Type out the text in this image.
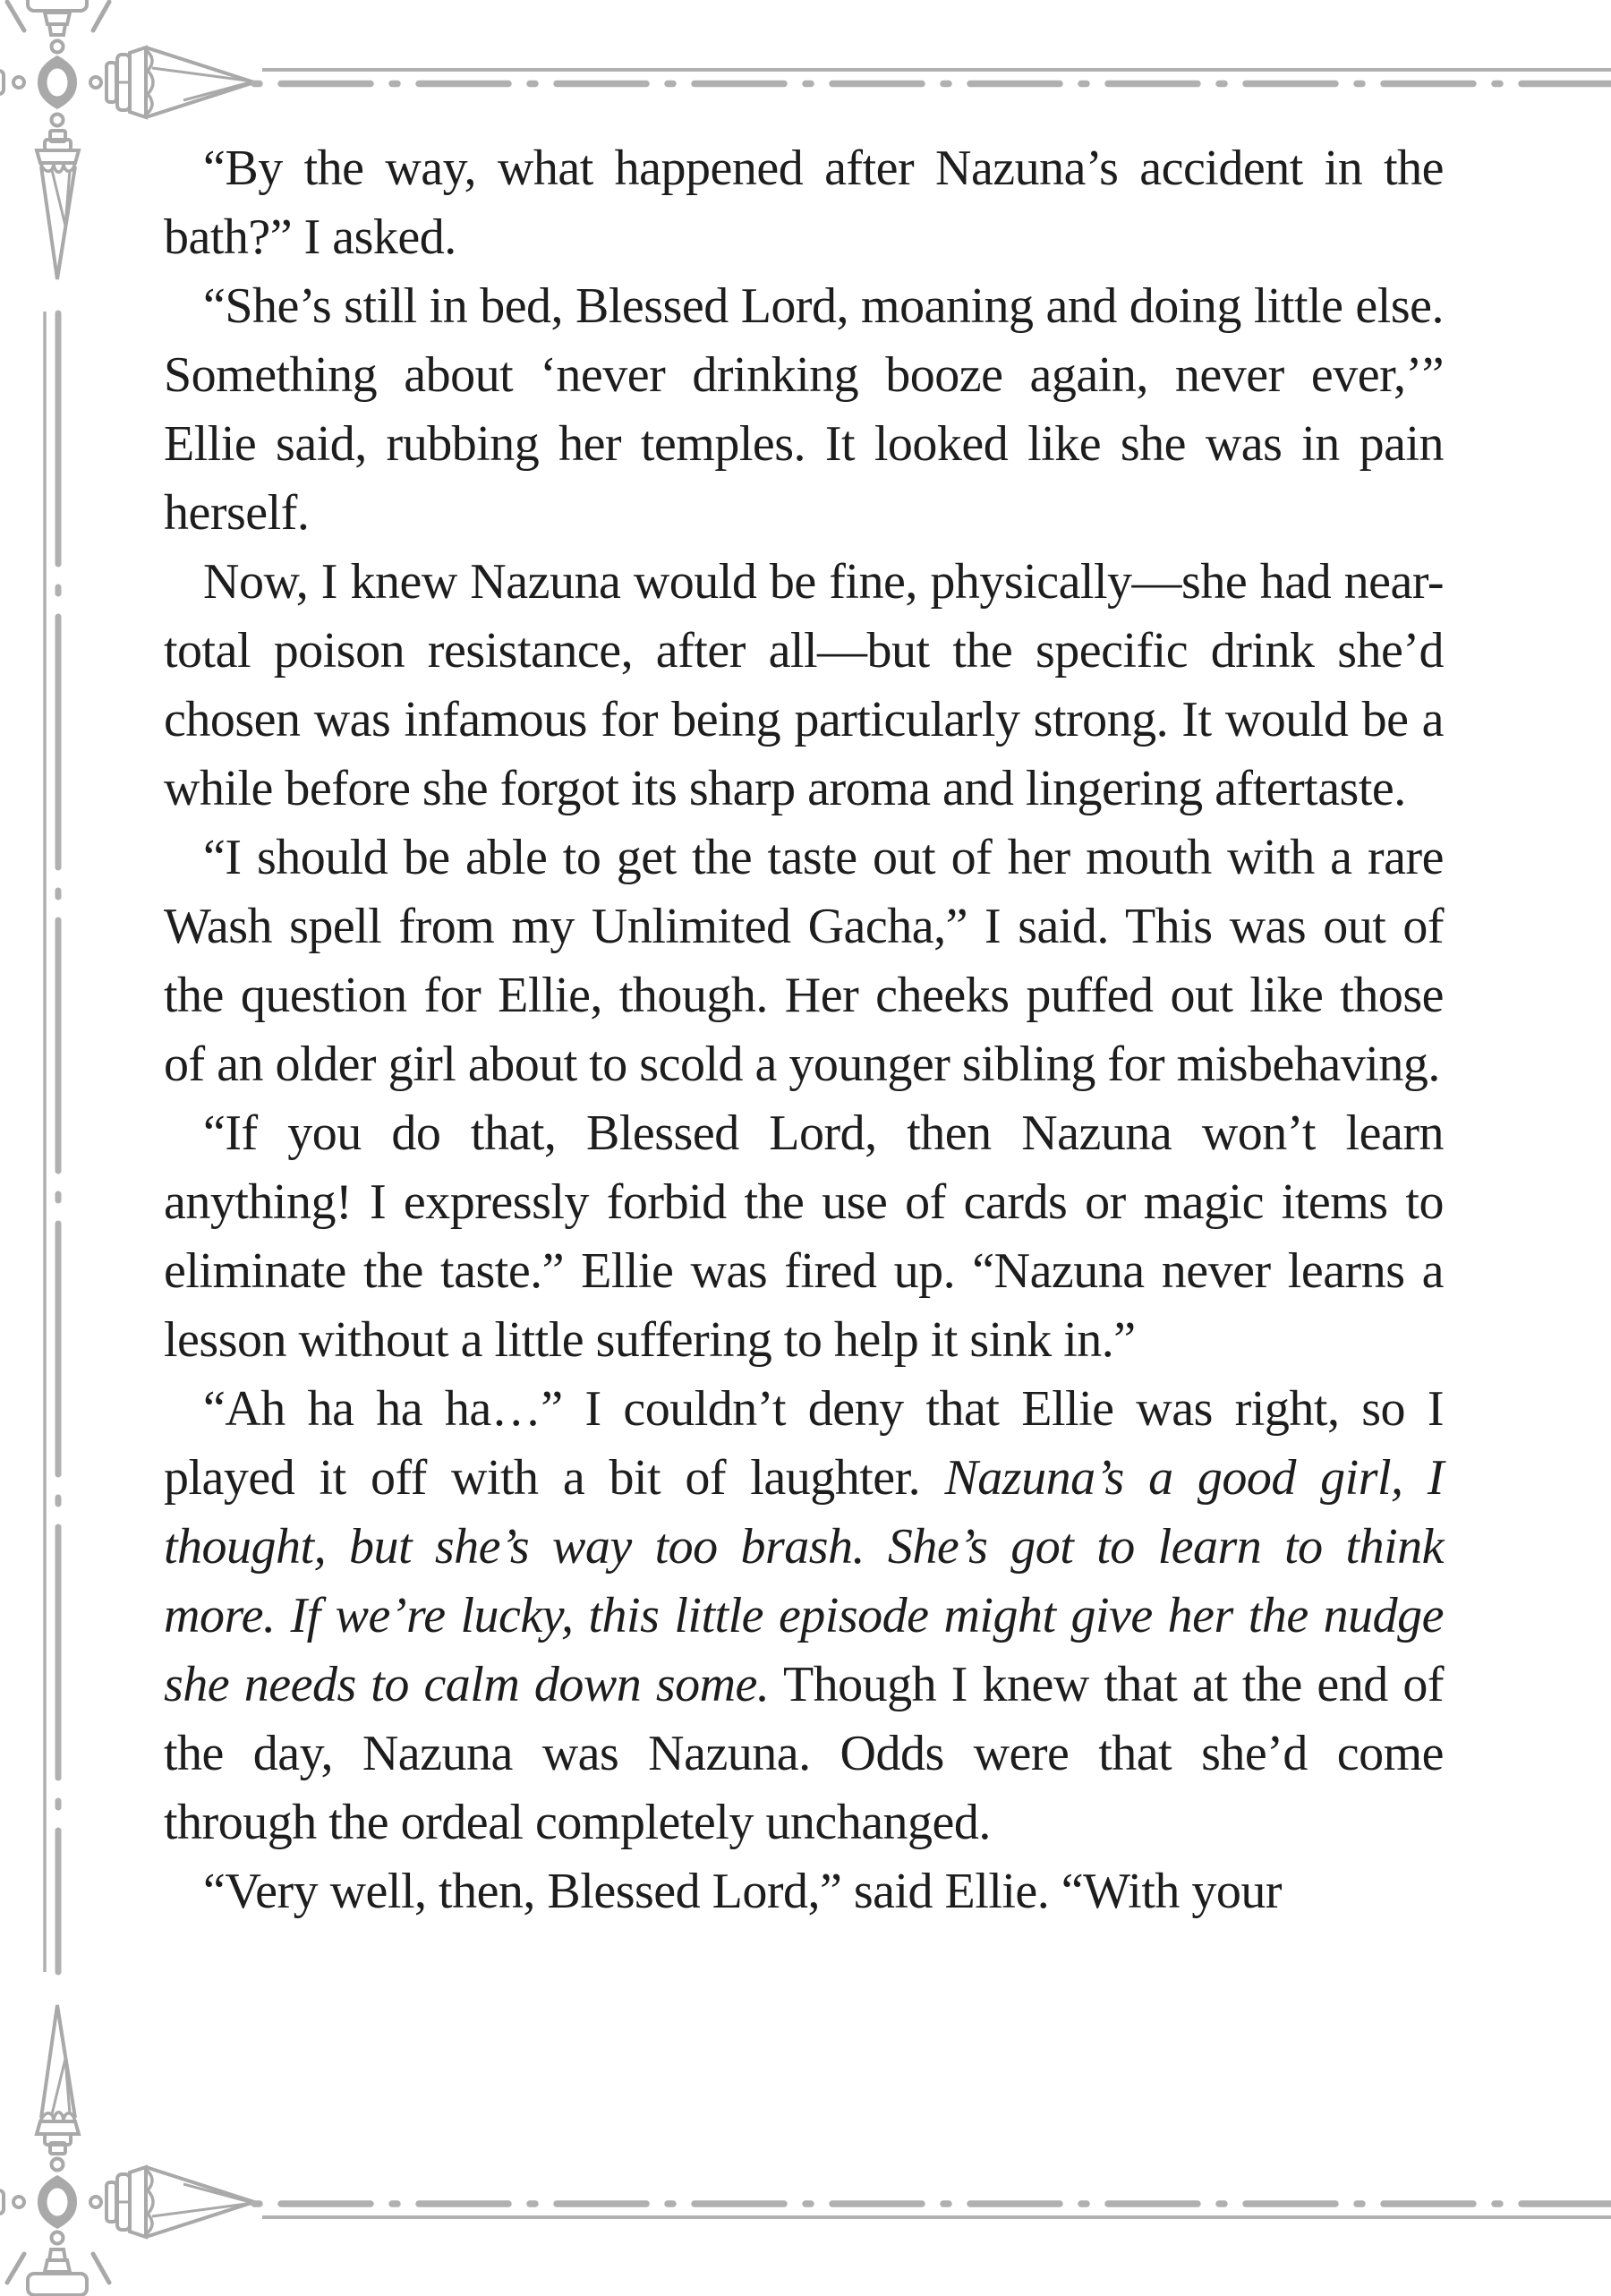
“By the way, what happened after Nazuna’s accident in the bath?” I asked.

“She’s still in bed, Blessed Lord, moaning and doing little else. Something about ‘never drinking booze again, never ever,’” Ellie said, rubbing her temples. It looked like she was in pain herself.

Now, I knew Nazuna would be fine, physically—she had near-total poison resistance, after all—but the specific drink she’d chosen was infamous for being particularly strong. It would be a while before she forgot its sharp aroma and lingering aftertaste.

“I should be able to get the taste out of her mouth with a rare Wash spell from my Unlimited Gacha,” I said. This was out of the question for Ellie, though. Her cheeks puffed out like those of an older girl about to scold a younger sibling for misbehaving.

“If you do that, Blessed Lord, then Nazuna won’t learn anything! I expressly forbid the use of cards or magic items to eliminate the taste.” Ellie was fired up. “Nazuna never learns a lesson without a little suffering to help it sink in.”

“Ah ha ha ha…” I couldn’t deny that Ellie was right, so I played it off with a bit of laughter. Nazuna’s a good girl, I thought, but she’s way too brash. She’s got to learn to think more. If we’re lucky, this little episode might give her the nudge she needs to calm down some. Though I knew that at the end of the day, Nazuna was Nazuna. Odds were that she’d come through the ordeal completely unchanged.

“Very well, then, Blessed Lord,” said Ellie. “With your
